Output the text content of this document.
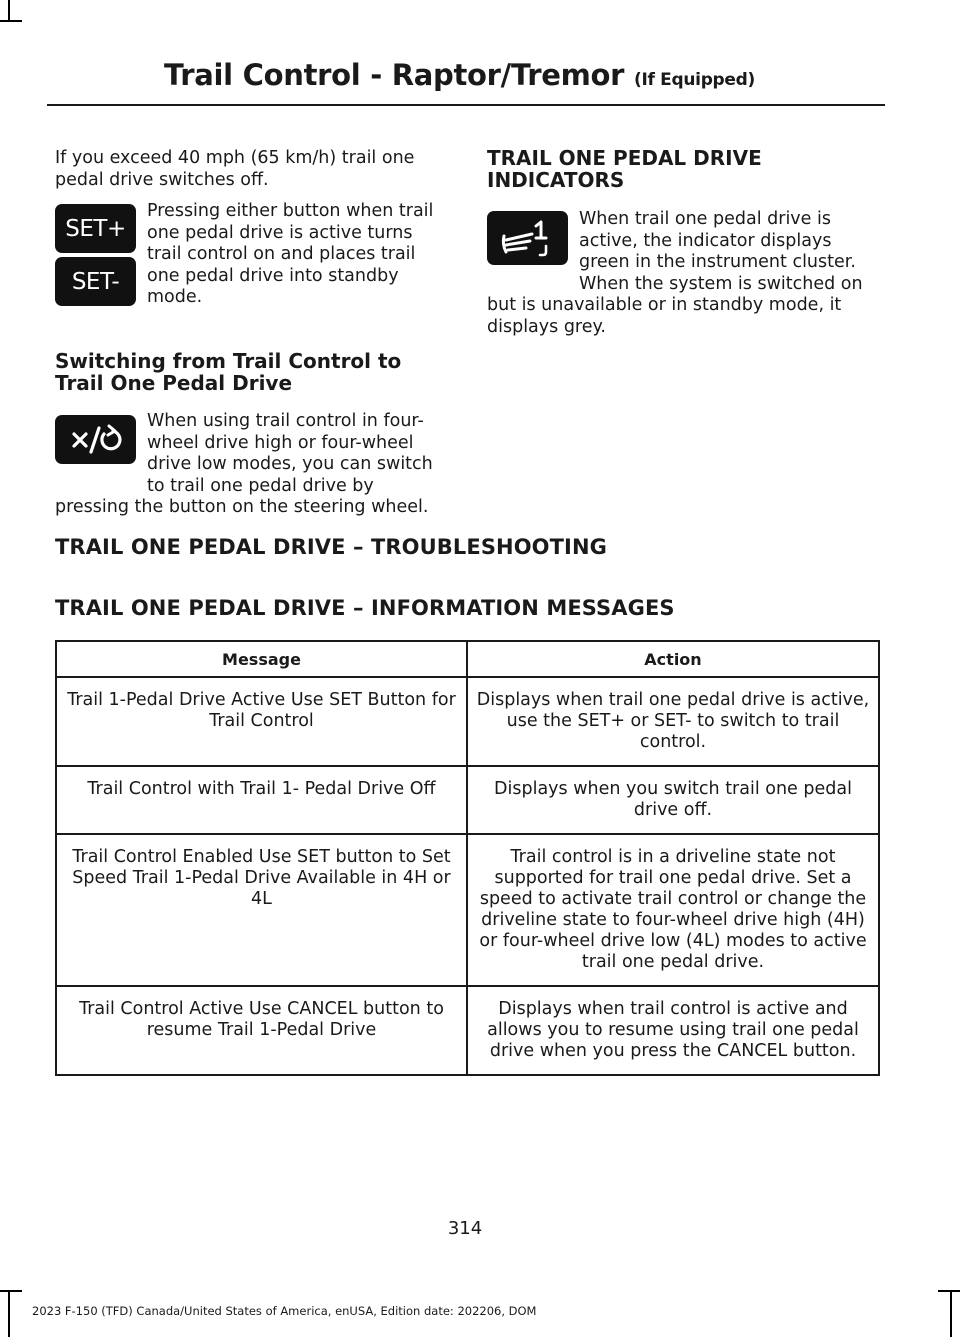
Trail Control - Raptor/Tremor (If Equipped)

If you exceed 40 mph (65 km/h) trail one pedal drive switches off.

SET+
SET-

Pressing either button when trail one pedal drive is active turns trail control on and places trail one pedal drive into standby mode.

Switching from Trail Control to Trail One Pedal Drive

When using trail control in four-wheel drive high or four-wheel drive low modes, you can switch to trail one pedal drive by pressing the button on the steering wheel.

TRAIL ONE PEDAL DRIVE INDICATORS

When trail one pedal drive is active, the indicator displays green in the instrument cluster. When the system is switched on but is unavailable or in standby mode, it displays grey.

TRAIL ONE PEDAL DRIVE – TROUBLESHOOTING
TRAIL ONE PEDAL DRIVE – INFORMATION MESSAGES
Message	Action
Trail 1-Pedal Drive Active Use SET Button for Trail Control	Displays when trail one pedal drive is active, use the SET+ or SET- to switch to trail control.
Trail Control with Trail 1- Pedal Drive Off	Displays when you switch trail one pedal drive off.
Trail Control Enabled Use SET button to Set Speed Trail 1-Pedal Drive Available in 4H or 4L	Trail control is in a driveline state not supported for trail one pedal drive. Set a speed to activate trail control or change the driveline state to four-wheel drive high (4H) or four-wheel drive low (4L) modes to active trail one pedal drive.
Trail Control Active Use CANCEL button to resume Trail 1-Pedal Drive	Displays when trail control is active and allows you to resume using trail one pedal drive when you press the CANCEL button.
314
2023 F-150 (TFD) Canada/United States of America, enUSA, Edition date: 202206, DOM
